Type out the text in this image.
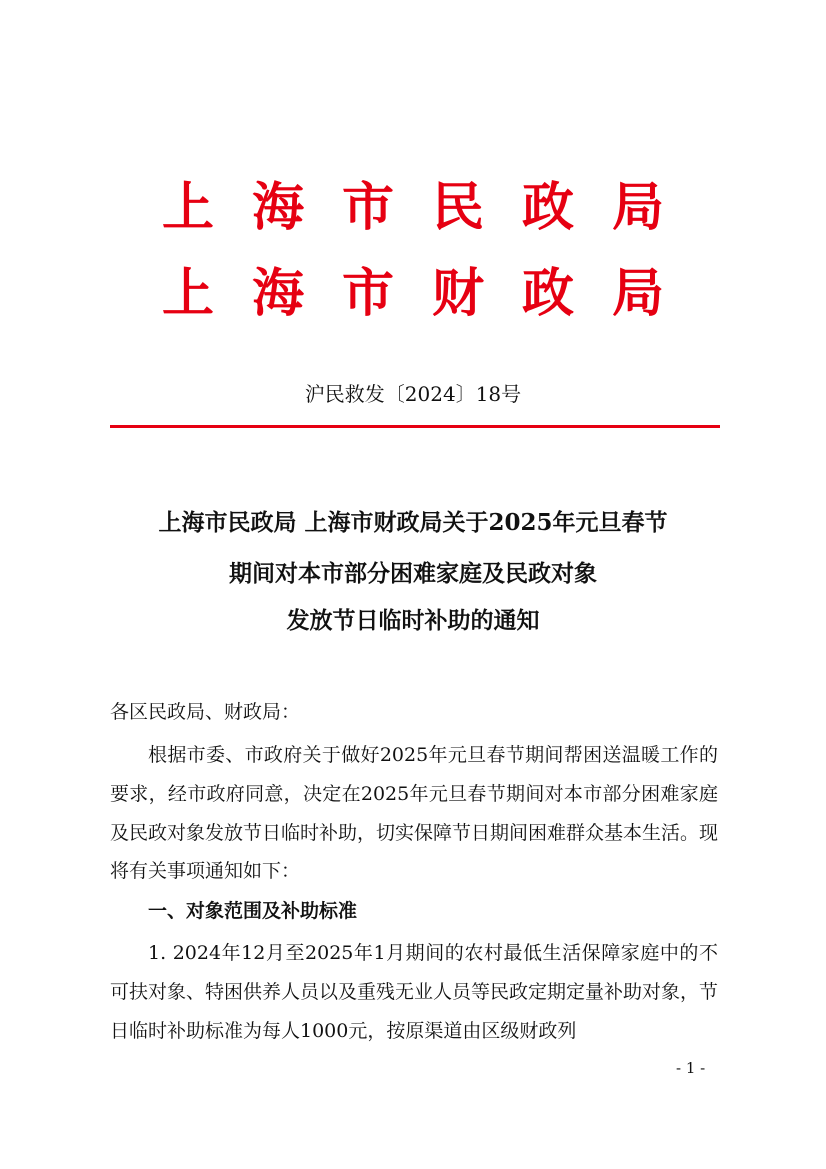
上海市民政局
上海市财政局
沪民救发〔2024〕18号
上海市民政局 上海市财政局关于2025年元旦春节
期间对本市部分困难家庭及民政对象
发放节日临时补助的通知
各区民政局、财政局：
根据市委、市政府关于做好2025年元旦春节期间帮困送温暖工作的要求，经市政府同意，决定在2025年元旦春节期间对本市部分困难家庭及民政对象发放节日临时补助，切实保障节日期间困难群众基本生活。现将有关事项通知如下：
一、对象范围及补助标准
1. 2024年12月至2025年1月期间的农村最低生活保障家庭中的不可扶对象、特困供养人员以及重残无业人员等民政定期定量补助对象，节日临时补助标准为每人1000元，按原渠道由区级财政列
- 1 -
